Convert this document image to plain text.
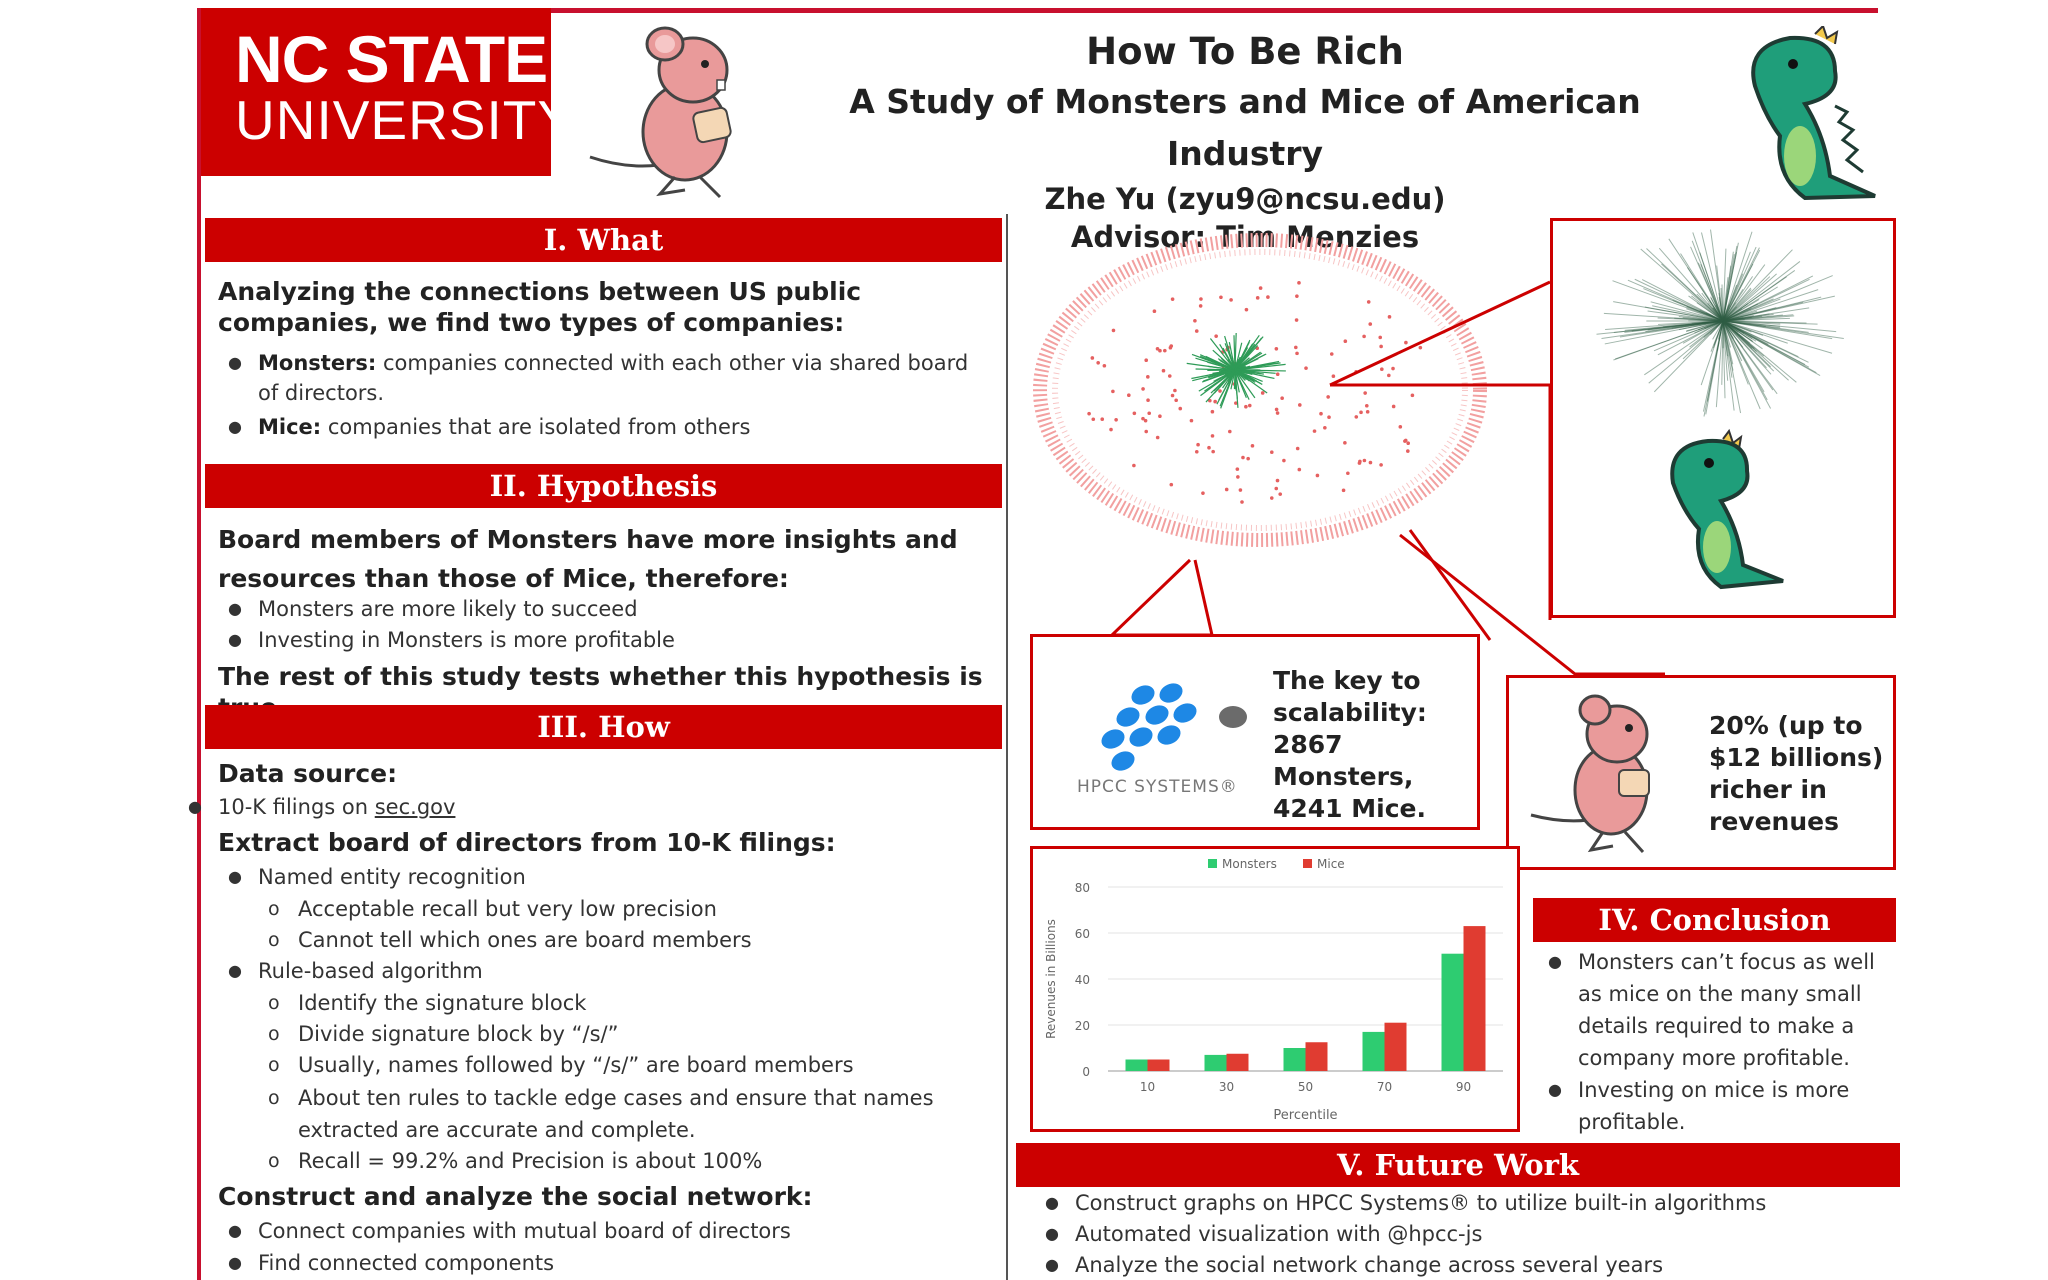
NC STATE
UNIVERSITY
How To Be Rich
A Study of Monsters and Mice of American Industry
Zhe Yu (zyu9@ncsu.edu)
Advisor: Tim Menzies
I. What
Analyzing the connections between US public companies, we find two types of companies:
● Monsters: companies connected with each other via shared board of directors.
● Mice: companies that are isolated from others
II. Hypothesis
Board members of Monsters have more insights and resources than those of Mice, therefore:
● Monsters are more likely to succeed
● Investing in Monsters is more profitable
The rest of this study tests whether this hypothesis is
III. How
Data source:
● 10-K filings on sec.gov
Extract board of directors from 10-K filings:
● Named entity recognition
o Acceptable recall but very low precision
o Cannot tell which ones are board members
● Rule-based algorithm
o Identify the signature block
o Divide signature block by “/s/”
o Usually, names followed by “/s/” are board members
o About ten rules to tackle edge cases and ensure that names extracted are accurate and complete.
o Recall = 99.2% and Precision is about 100%
Construct and analyze the social network:
● Connect companies with mutual board of directors
● Find connected components
HPCC SYSTEMS®
The key to scalability: 2867 Monsters, 4241 Mice.
20% (up to $12 billions) richer in revenues
0
20
40
60
80
10	30	50	70	90
Percentile
Revenues in Billions
Monsters	Mice
IV. Conclusion
● Monsters can’t focus as well as mice on the many small details required to make a company more profitable.
● Investing on mice is more profitable.
V. Future Work
● Construct graphs on HPCC Systems® to utilize built-in algorithms
● Automated visualization with @hpcc-js
● Analyze the social network change across several years
